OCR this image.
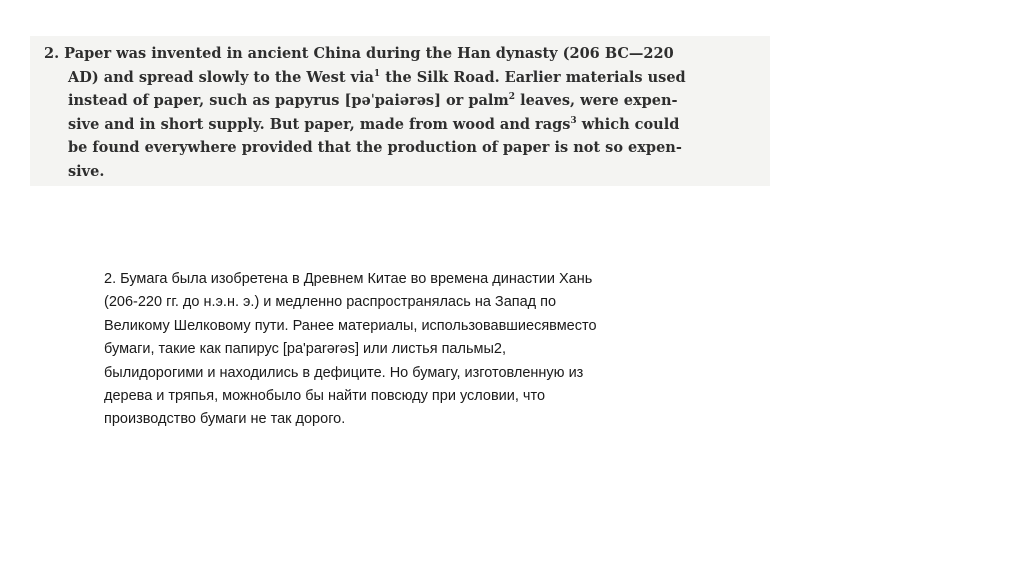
2. Paper was invented in ancient China during the Han dynasty (206 BC—220
AD) and spread slowly to the West via$^1$ the Silk Road. Earlier materials used
instead of paper, such as papyrus [pəˈpaiərəs] or palm$^2$ leaves, were expen-
sive and in short supply. But paper, made from wood and rags$^3$ which could
be found everywhere provided that the production of paper is not so expen-
sive.

2. Бумага была изобретена в Древнем Китае во времена династии Хань
(206-220 гг. до н.э.н. э.) и медленно распространялась на Запад по
Великому Шелковому пути. Ранее материалы, использовавшиесявместо
бумаги, такие как папирус [pa'parərəs] или листья пальмы2,
былидорогими и находились в дефиците. Но бумагу, изготовленную из
дерева и тряпья, можнобыло бы найти повсюду при условии, что
производство бумаги не так дорого.
